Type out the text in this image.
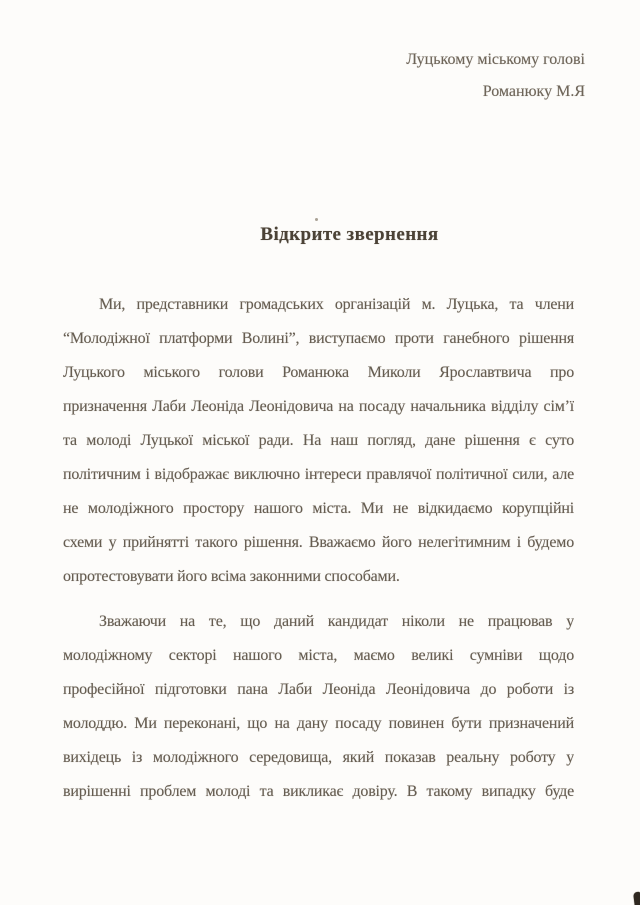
Луцькому міському голові
Романюку М.Я
Відкрите звернення
Ми, представники громадських організацій м. Луцька, та члени
“Молодіжної платформи Волині”, виступаємо проти ганебного рішення
Луцького міського голови Романюка Миколи Ярославтвича про
призначення Лаби Леоніда Леонідовича на посаду начальника відділу сім’ї
та молоді Луцької міської ради. На наш погляд, дане рішення є суто
політичним і відображає виключно інтереси правлячої політичної сили, але
не молодіжного простору нашого міста. Ми не відкидаємо корупційні
схеми у прийнятті такого рішення. Вважаємо його нелегітимним і будемо
опротестовувати його всіма законними способами.
Зважаючи на те, що даний кандидат ніколи не працював у
молодіжному секторі нашого міста, маємо великі сумніви щодо
професійної підготовки пана Лаби Леоніда Леонідовича до роботи із
молоддю. Ми переконані, що на дану посаду повинен бути призначений
вихідець із молодіжного середовища, який показав реальну роботу у
вирішенні проблем молоді та викликає довіру. В такому випадку буде
